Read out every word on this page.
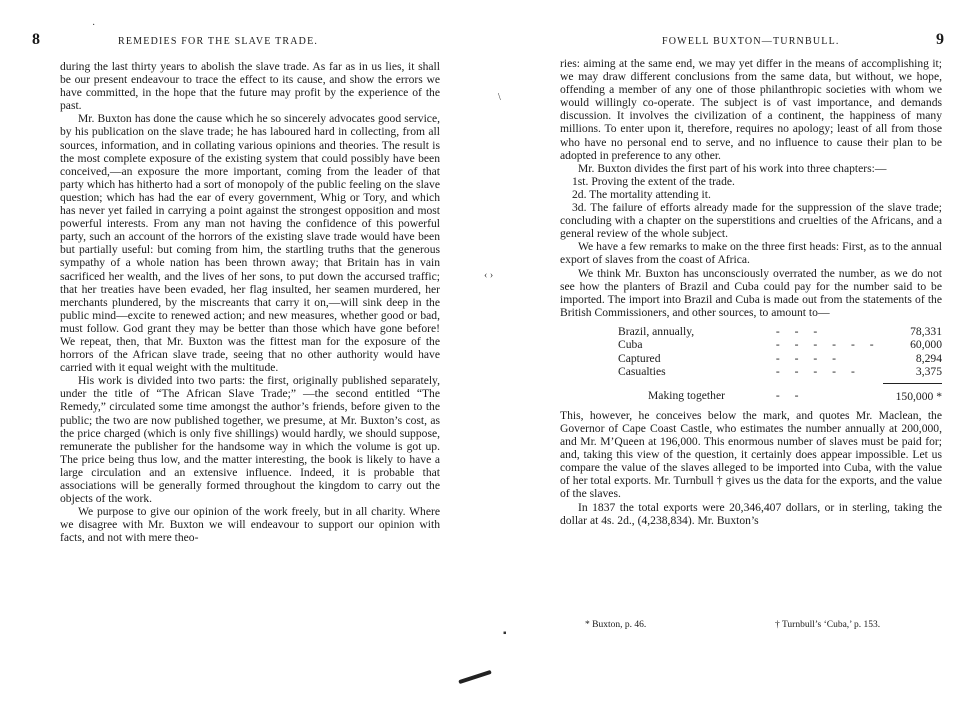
8	REMEDIES FOR THE SLAVE TRADE.

during the last thirty years to abolish the slave trade. As far as in us lies, it shall be our present endeavour to trace the effect to its cause, and show the errors we have committed, in the hope that the future may profit by the experience of the past.

Mr. Buxton has done the cause which he so sincerely advocates good service, by his publication on the slave trade; he has laboured hard in collecting, from all sources, information, and in collating various opinions and theories. The result is the most complete exposure of the existing system that could possibly have been conceived,—an exposure the more important, coming from the leader of that party which has hitherto had a sort of monopoly of the public feeling on the slave question; which has had the ear of every government, Whig or Tory, and which has never yet failed in carrying a point against the strongest opposition and most powerful interests. From any man not having the confidence of this powerful party, such an account of the horrors of the existing slave trade would have been but partially useful: but coming from him, the startling truths that the generous sympathy of a whole nation has been thrown away; that Britain has in vain sacrificed her wealth, and the lives of her sons, to put down the accursed traffic; that her treaties have been evaded, her flag insulted, her seamen murdered, her merchants plundered, by the miscreants that carry it on,—will sink deep in the public mind—excite to renewed action; and new measures, whether good or bad, must follow. God grant they may be better than those which have gone before! We repeat, then, that Mr. Buxton was the fittest man for the exposure of the horrors of the African slave trade, seeing that no other authority would have carried with it equal weight with the multitude.

His work is divided into two parts: the first, originally published separately, under the title of “The African Slave Trade;” —the second entitled “The Remedy,” circulated some time amongst the author’s friends, before given to the public; the two are now published together, we presume, at Mr. Buxton’s cost, as the price charged (which is only five shillings) would hardly, we should suppose, remunerate the publisher for the handsome way in which the volume is got up. The price being thus low, and the matter interesting, the book is likely to have a large circulation and an extensive influence. Indeed, it is probable that associations will be generally formed throughout the kingdom to carry out the objects of the work.

We purpose to give our opinion of the work freely, but in all charity. Where we disagree with Mr. Buxton we will endeavour to support our opinion with facts, and not with mere theo-

FOWELL BUXTON—TURNBULL.	9

ries: aiming at the same end, we may yet differ in the means of accomplishing it; we may draw different conclusions from the same data, but without, we hope, offending a member of any one of those philanthropic societies with whom we would willingly co-operate. The subject is of vast importance, and demands discussion. It involves the civilization of a continent, the happiness of many millions. To enter upon it, therefore, requires no apology; least of all from those who have no personal end to serve, and no influence to cause their plan to be adopted in preference to any other.

Mr. Buxton divides the first part of his work into three chapters:—

1st. Proving the extent of the trade.

2d. The mortality attending it.

3d. The failure of efforts already made for the suppression of the slave trade; concluding with a chapter on the superstitions and cruelties of the Africans, and a general review of the whole subject.

We have a few remarks to make on the three first heads: First, as to the annual export of slaves from the coast of Africa.

We think Mr. Buxton has unconsciously overrated the number, as we do not see how the planters of Brazil and Cuba could pay for the number said to be imported. The import into Brazil and Cuba is made out from the statements of the British Commissioners, and other sources, to amount to—

Brazil, annually,	- - -	78,331
Cuba	- - - - - -	60,000
Captured	- - - -	8,294
Casualties	- - - - -	3,375

Making together	- -	150,000 *

This, however, he conceives below the mark, and quotes Mr. Maclean, the Governor of Cape Coast Castle, who estimates the number annually at 200,000, and Mr. M’Queen at 196,000. This enormous number of slaves must be paid for; and, taking this view of the question, it certainly does appear impossible. Let us compare the value of the slaves alleged to be imported into Cuba, with the value of her total exports. Mr. Turnbull † gives us the data for the exports, and the value of the slaves.

In 1837 the total exports were 20,346,407 dollars, or in sterling, taking the dollar at 4s. 2d., (4,238,834). Mr. Buxton’s

* Buxton, p. 46.	† Turnbull’s ‘Cuba,’ p. 153.
·
\
‹ ›
▪
